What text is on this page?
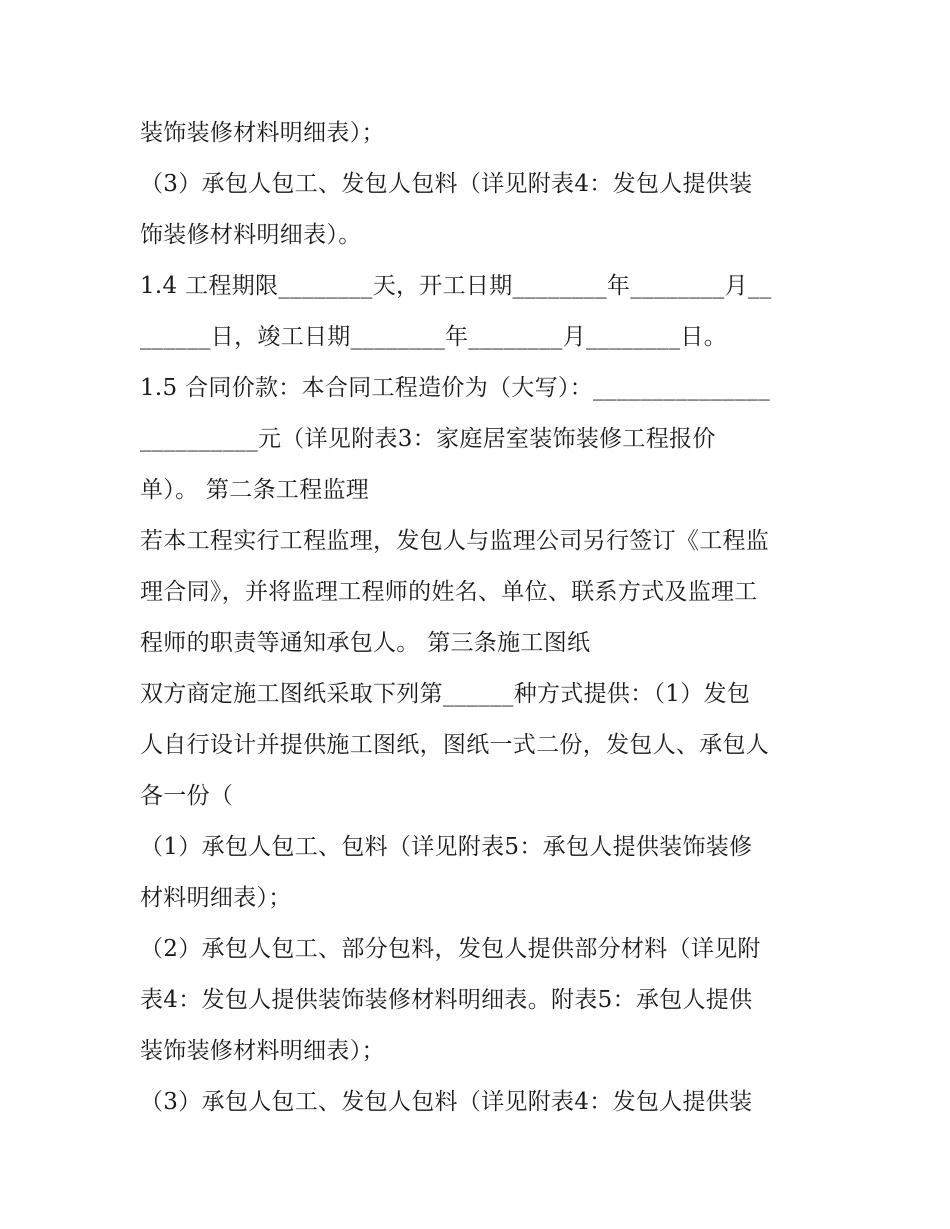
装饰装修材料明细表）；
（3）承包人包工、发包人包料（详见附表4：发包人提供装
饰装修材料明细表）。
1.4 工程期限________天，开工日期________年________月__
______日，竣工日期________年________月________日。
1.5 合同价款：本合同工程造价为（大写）：_______________
__________元（详见附表3：家庭居室装饰装修工程报价
单）。 第二条工程监理
若本工程实行工程监理，发包人与监理公司另行签订《工程监
理合同》，并将监理工程师的姓名、单位、联系方式及监理工
程师的职责等通知承包人。 第三条施工图纸
双方商定施工图纸采取下列第______种方式提供：（1）发包
人自行设计并提供施工图纸，图纸一式二份，发包人、承包人
各一份（
（1）承包人包工、包料（详见附表5：承包人提供装饰装修
材料明细表）；
（2）承包人包工、部分包料，发包人提供部分材料（详见附
表4：发包人提供装饰装修材料明细表。附表5：承包人提供
装饰装修材料明细表）；
（3）承包人包工、发包人包料（详见附表4：发包人提供装
